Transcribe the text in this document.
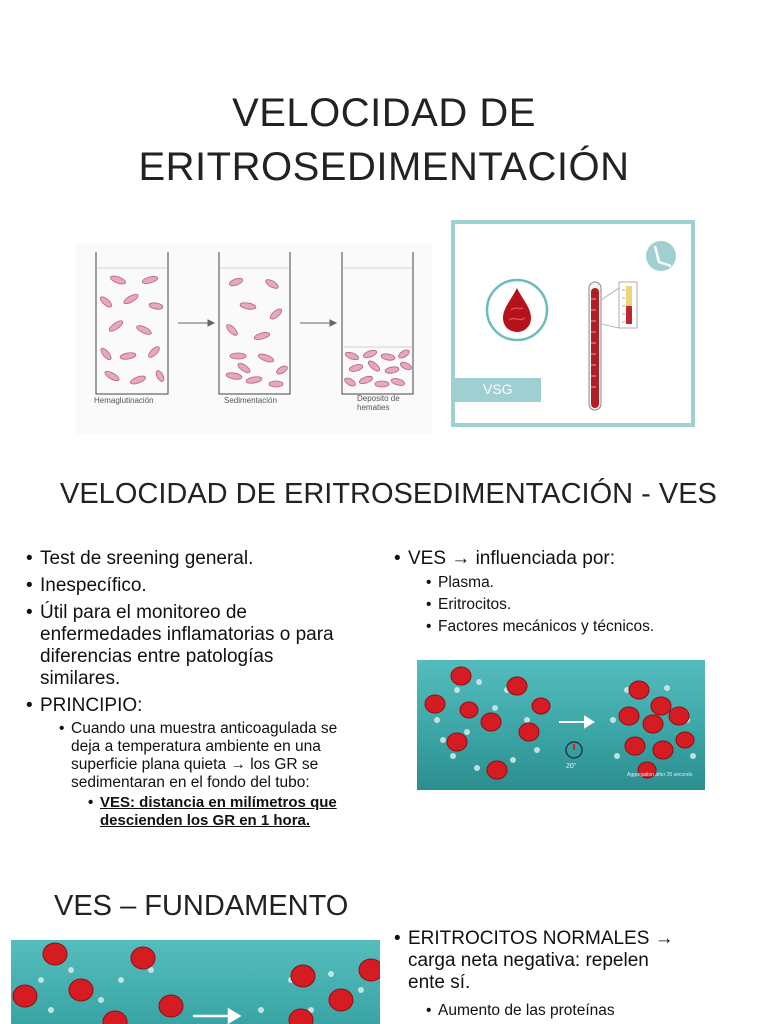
VELOCIDAD DE
ERITROSEDIMENTACIÓN
Hemaglutinación	Sedimentación	Deposito de
hematies
VSG
VELOCIDAD DE ERITROSEDIMENTACIÓN - VES
• Test de sreening general.
• Inespecífico.
• Útil para el monitoreo de
enfermedades inflamatorias o para
diferencias entre patologías
similares.
• PRINCIPIO:
• Cuando una muestra anticoagulada se
deja a temperatura ambiente en una
superficie plana quieta → los GR se
sedimentaran en el fondo del tubo:
• VES: distancia en milímetros que
descienden los GR en 1 hora.
• VES → influenciada por:
• Plasma.
• Eritrocitos.
• Factores mecánicos y técnicos.
20''
Aggregation after 20 seconds
VES – FUNDAMENTO
• ERITROCITOS NORMALES →
carga neta negativa: repelen
ente sí.
• Aumento de las proteínas
